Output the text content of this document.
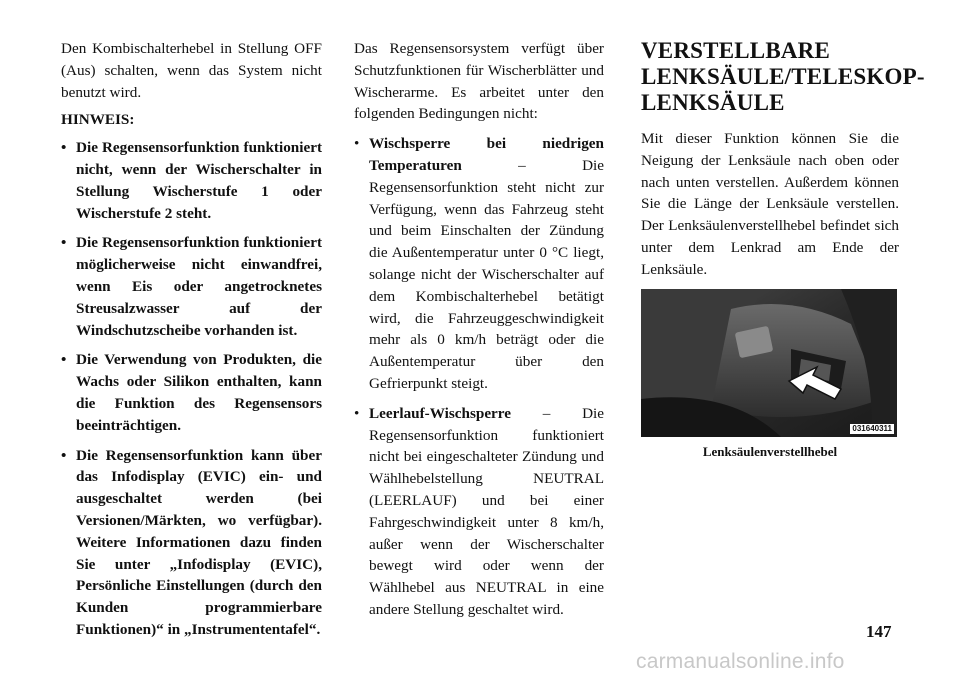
Den Kombischalterhebel in Stellung OFF (Aus) schalten, wenn das System nicht benutzt wird.

HINWEIS:

• Die Regensensorfunktion funktioniert nicht, wenn der Wischerschalter in Stellung Wischerstufe 1 oder Wischerstufe 2 steht.
• Die Regensensorfunktion funktioniert möglicherweise nicht einwandfrei, wenn Eis oder angetrocknetes Streusalzwasser auf der Windschutzscheibe vorhanden ist.
• Die Verwendung von Produkten, die Wachs oder Silikon enthalten, kann die Funktion des Regensensors beeinträchtigen.
• Die Regensensorfunktion kann über das Infodisplay (EVIC) ein- und ausgeschaltet werden (bei Versionen/Märkten, wo verfügbar). Weitere Informationen dazu finden Sie unter „Infodisplay (EVIC), Persönliche Einstellungen (durch den Kunden programmierbare Funktionen)“ in „Instrumententafel“.

Das Regensensorsystem verfügt über Schutzfunktionen für Wischerblätter und Wischerarme. Es arbeitet unter den folgenden Bedingungen nicht:

• Wischsperre bei niedrigen Temperaturen – Die Regensensorfunktion steht nicht zur Verfügung, wenn das Fahrzeug steht und beim Einschalten der Zündung die Außentemperatur unter 0 °C liegt, solange nicht der Wischerschalter auf dem Kombischalterhebel betätigt wird, die Fahrzeuggeschwindigkeit mehr als 0 km/h beträgt oder die Außentemperatur über den Gefrierpunkt steigt.
• Leerlauf-Wischsperre – Die Regensensorfunktion funktioniert nicht bei eingeschalteter Zündung und Wählhebelstellung NEUTRAL (LEERLAUF) und bei einer Fahrgeschwindigkeit unter 8 km/h, außer wenn der Wischerschalter bewegt wird oder wenn der Wählhebel aus NEUTRAL in eine andere Stellung geschaltet wird.
VERSTELLBARE LENKSÄULE/TELESKOP-LENKSÄULE

Mit dieser Funktion können Sie die Neigung der Lenksäule nach oben oder nach unten verstellen. Außerdem können Sie die Länge der Lenksäule verstellen. Der Lenksäulenverstellhebel befindet sich unter dem Lenkrad am Ende der Lenksäule.

031640311

Lenksäulenverstellhebel

147
carmanualsonline.info
